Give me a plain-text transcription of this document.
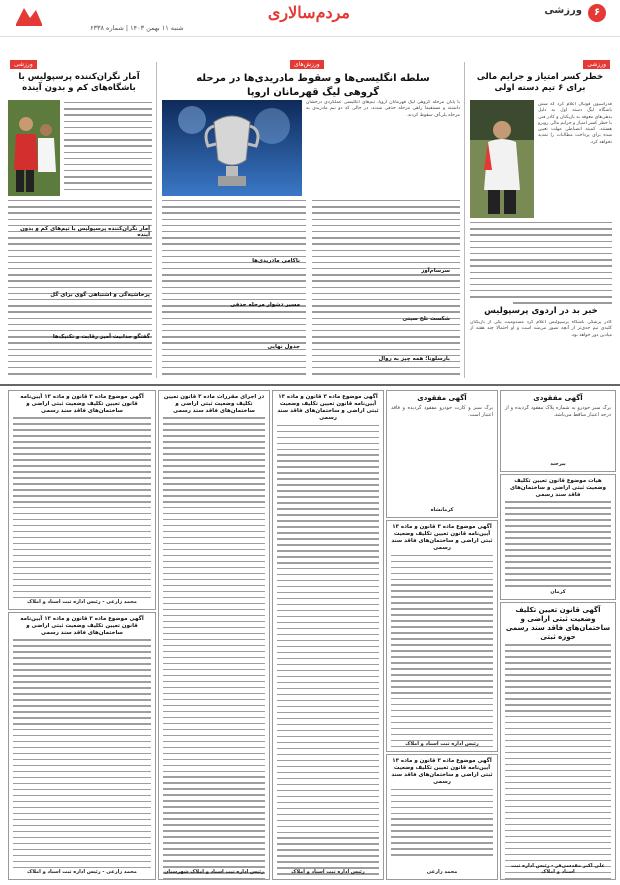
۶
ورزشی
مردم‌سالاری
شنبه ۱۱ بهمن ۱۴۰۳ | شماره ۶۳۳۸
ورزشی
خطر کسر امتیاز و جرایم مالی برای ۶ تیم دسته اولی
فدراسیون فوتبال اعلام کرد که شش باشگاه لیگ دسته اول به دلیل بدهی‌های معوقه به بازیکنان و کادر فنی با خطر کسر امتیاز و جرایم مالی روبرو هستند. کمیته انضباطی مهلت تعیین شده برای پرداخت مطالبات را تمدید نخواهد کرد.
خبر بد در اردوی پرسپولیس
کادر پزشکی باشگاه پرسپولیس اعلام کرد مصدومیت یکی از بازیکنان کلیدی تیم جدی‌تر از آنچه تصور می‌شد است و او احتمالا چند هفته از میادین دور خواهد بود.
ورزش‌های
سلطه انگلیسی‌ها و سقوط مادریدی‌ها در مرحله گروهی لیگ قهرمانان اروپا
با پایان مرحله گروهی لیگ قهرمانان اروپا، تیم‌های انگلیسی عملکردی درخشان داشتند و مستقیما راهی مرحله حذفی شدند، در حالی که دو تیم مادریدی به مرحله پلی‌آف سقوط کردند.
سرسام‌آور
شکست تلخ سیتی
بارسلونا؛ همه چیز به روال
ناکامی مادریدی‌ها
مسیر دشوار مرحله حذفی
جدول نهایی
ورزشی
آمار نگران‌کننده پرسپولیس با باشگاه‌های کم و بدون آینده
آمار نگران‌کننده پرسپولیس با تیم‌های کم و بدون آینده
پرحاشیه‌گی و اشتباهی گوی برای گل
گفتگو جذابیت آمیز رقابت و تکنیک‌ها
آگهی مفقودی
برگ سبز خودرو به شماره پلاک مفقود گردیده و از درجه اعتبار ساقط می‌باشد.
بیرجند
هیات موضوع قانون تعیین تکلیف وضعیت ثبتی اراضی و ساختمان‌های فاقد سند رسمی
کرمان
آگهی قانون تعیین تکلیف وضعیت ثبتی اراضی و ساختمان‌های فاقد سند رسمی حوزه ثبتی
علی اکبر مقدسی‌فر - رئیس اداره ثبت اسناد و املاک
آگهی مفقودی
برگ سبز و کارت خودرو مفقود گردیده و فاقد اعتبار است.
کرمانشاه
آگهی موضوع ماده ۳ قانون و ماده ۱۳ آیین‌نامه قانون تعیین تکلیف وضعیت ثبتی اراضی و ساختمان‌های فاقد سند رسمی
رئیس اداره ثبت اسناد و املاک
آگهی موضوع ماده ۳ قانون و ماده ۱۳ آیین‌نامه قانون تعیین تکلیف وضعیت ثبتی اراضی و ساختمان‌های فاقد سند رسمی
محمد زارعی
آگهی موضوع ماده ۳ قانون و ماده ۱۳ آیین‌نامه قانون تعیین تکلیف وضعیت ثبتی اراضی و ساختمان‌های فاقد سند رسمی
رئیس اداره ثبت اسناد و املاک
در اجرای مقررات ماده ۳ قانون تعیین تکلیف وضعیت ثبتی اراضی و ساختمان‌های فاقد سند رسمی
رئیس اداره ثبت اسناد و املاک شهرستان
آگهی موضوع ماده ۳ قانون و ماده ۱۳ آیین‌نامه قانون تعیین تکلیف وضعیت ثبتی اراضی و ساختمان‌های فاقد سند رسمی
محمد زارعی - رئیس اداره ثبت اسناد و املاک
آگهی موضوع ماده ۳ قانون و ماده ۱۳ آیین‌نامه قانون تعیین تکلیف وضعیت ثبتی اراضی و ساختمان‌های فاقد سند رسمی
محمد زارعی - رئیس اداره ثبت اسناد و املاک
